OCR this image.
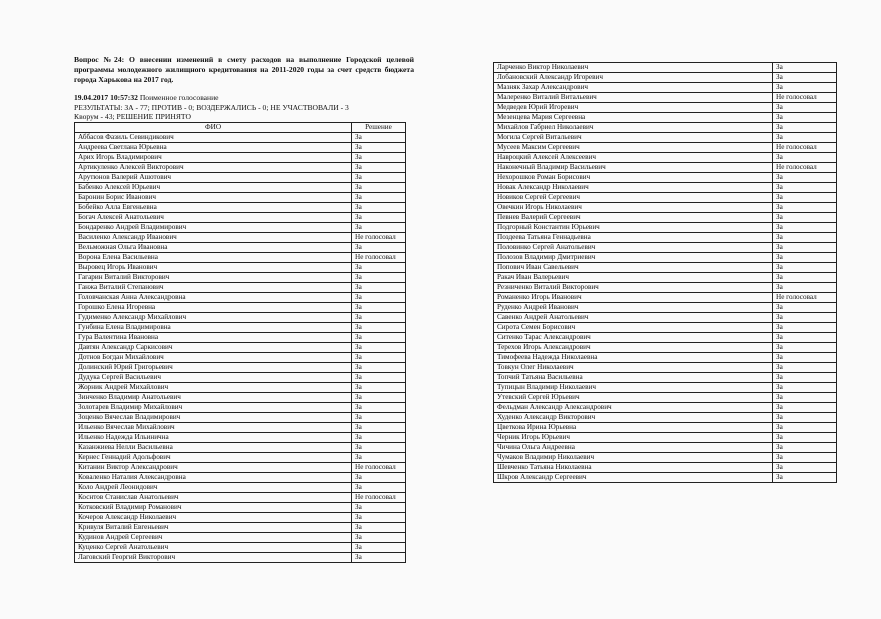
Вопрос №24: О внесении изменений в смету расходов на выполнение Городской целевой программы молодежного жилищного кредитования на 2011-2020 годы за счет средств бюджета города Харькова на 2017 год.

19.04.2017 10:57:32 Поименное голосование
РЕЗУЛЬТАТЫ: ЗА - 77; ПРОТИВ - 0; ВОЗДЕРЖАЛИСЬ - 0; НЕ УЧАСТВОВАЛИ - 3
Кворум - 43; РЕШЕНИЕ ПРИНЯТО
ФИО	Решение
Аббасов Фазиль Севиндикович	За
Андреева Светлана Юрьевна	За
Арих Игорь Владимирович	За
Артикуленко Алексей Викторович	За
Арутюнов Валерий Ашотович	За
Бабенко Алексей Юрьевич	За
Баронин Борис Иванович	За
Бобейко Алла Евгеньевна	За
Богач Алексей Анатольевич	За
Бондаренко Андрей Владимирович	За
Василенко Александр Иванович	Не голосовал
Вельможная Ольга Ивановна	За
Ворона Елена Васильевна	Не голосовал
Выровец Игорь Иванович	За
Гагарин Виталий Викторович	За
Ганжа Виталий Степанович	За
Головчанская Анна Александровна	За
Горошко Елена Игоревна	За
Гудименко Александр Михайлович	За
Гунбина Елена Владимировна	За
Гура Валентина Ивановна	За
Давтян Александр Саркисович	За
Дотнов Богдан Михайлович	За
Долинский Юрий Григорьевич	За
Дудука Сергей Васильевич	За
Жорник Андрей Михайлович	За
Зинченко Владимир Анатольевич	За
Золотарев Владимир Михайлович	За
Зоценко Вячеслав Владимирович	За
Ильенко Вячеслав Михайлович	За
Ильенко Надежда Ильинична	За
Казанжиева Нелли Васильевна	За
Кернес Геннадий Адольфович	За
Китанин Виктор Александрович	Не голосовал
Коваленко Наталия Александровна	За
Коло Андрей Леонидович	За
Коснтов Станислав Анатольевич	Не голосовал
Котковский Владимир Романович	За
Кочеров Александр Николаевич	За
Кривуля Виталий Евгеньевич	За
Кудинов Андрей Сергеевич	За
Куценко Сергей Анатольевич	За
Лаговский Георгий Викторович	За
Ларченко Виктор Николаевич	За
Лобановский Александр Игоревич	За
Мазняк Захар Александрович	За
Малеренко Виталий Витальевич	Не голосовал
Медведев Юрий Игоревич	За
Мезенцева Мария Сергеевна	За
Михайлов Габриел Николаевич	За
Могила Сергей Витальевич	За
Мусеев Максим Сергеевич	Не голосовал
Навроцкий Алексей Алексеевич	За
Наконечный Владимир Васильевич	Не голосовал
Нехорошков Роман Борисович	За
Новак Александр Николаевич	За
Новиков Сергей Сергеевич	За
Овечкин Игорь Николаевич	За
Певнев Валерий Сергеевич	За
Подгорный Константин Юрьевич	За
Поздеева Татьяна Геннадьевна	За
Половинко Сергей Анатольевич	За
Полозов Владимир Дмитриевич	За
Попович Иван Савельевич	За
Ракач Иван Валерьевич	За
Резниченко Виталий Викторович	За
Романенко Игорь Иванович	Не голосовал
Руденко Андрей Иванович	За
Савенко Андрей Анатольевич	За
Сирота Семен Борисович	За
Ситенко Тарас Александрович	За
Терехов Игорь Александрович	За
Тимофеева Надежда Николаевна	За
Товкун Олег Николаевич	За
Топчий Татьяна Васильевна	За
Тупицын Владимир Николаевич	За
Утевский Сергей Юрьевич	За
Фельдман Александр Александрович	За
Худенко Александр Викторович	За
Цветкова Ирина Юрьевна	За
Черник Игорь Юрьевич	За
Чичина Ольга Андреевна	За
Чумаков Владимир Николаевич	За
Шевченко Татьяна Николаевна	За
Шкров Александр Сергеевич	За
